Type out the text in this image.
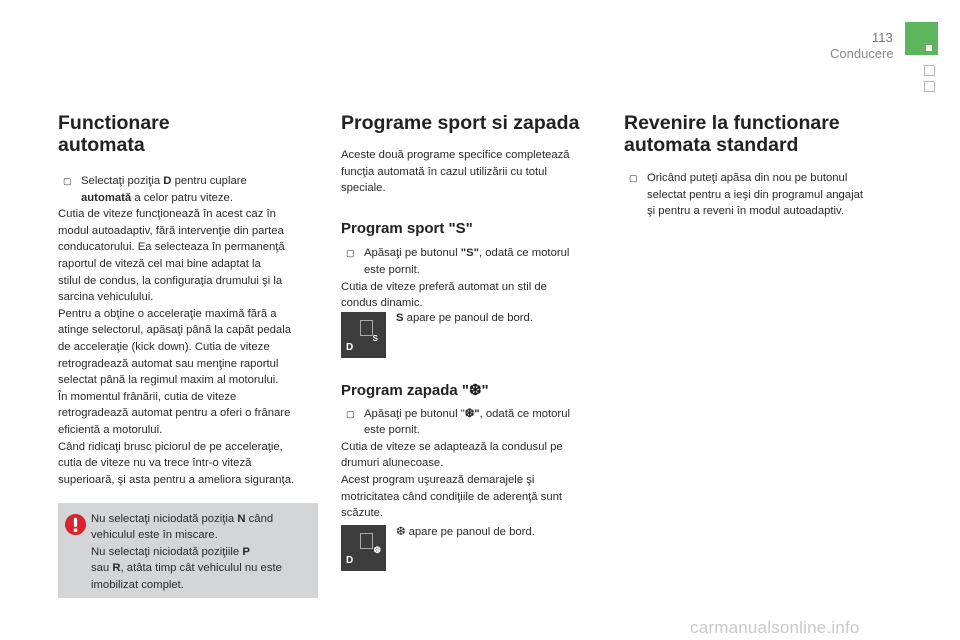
113
Conducere
Functionare
automata
▢ Selectaţi poziţia D pentru cuplare
automată a celor patru viteze.

Cutia de viteze funcţionează în acest caz în

modul autoadaptiv, fără intervenţie din partea

conducatorului. Ea selecteaza în permanenţă

raportul de viteză cel mai bine adaptat la

stilul de condus, la configuraţia drumului şi la

sarcina vehiculului.

Pentru a obţine o acceleraţie maximă fără a

atinge selectorul, apăsaţi până la capăt pedala

de acceleraţie (kick down). Cutia de viteze

retrogradează automat sau menţine raportul

selectat până la regimul maxim al motorului.

În momentul frânării, cutia de viteze

retrogradează automat pentru a oferi o frânare

eficientă a motorului.

Când ridicaţi brusc piciorul de pe acceleraţie,

cutia de viteze nu va trece într-o viteză

superioară, şi asta pentru a ameliora siguranţa.

Nu selectaţi niciodată poziţia N când

vehiculul este în miscare.

Nu selectaţi niciodată poziţiile P

sau R, atâta timp cât vehiculul nu este

imobilizat complet.

Programe sport si zapada

Aceste două programe specifice completează

funcţia automată în cazul utilizării cu totul

speciale.

Program sport "S"
▢ Apăsaţi pe butonul "S", odată ce motorul
este pornit.

Cutia de viteze preferă automat un stil de

condus dinamic.

D
S
S apare pe panoul de bord.
Program zapada "❆"
▢ Apăsaţi pe butonul "❆", odată ce motorul
este pornit.

Cutia de viteze se adaptează la condusul pe

drumuri alunecoase.

Acest program uşurează demarajele şi

motricitatea când condiţiile de aderenţă sunt

scăzute.

D
❆
❆ apare pe panoul de bord.
Revenire la functionare
automata standard
▢ Oricând puteţi apăsa din nou pe butonul
selectat pentru a ieşi din programul angajat
şi pentru a reveni în modul autoadaptiv.
carmanualsonline.info
